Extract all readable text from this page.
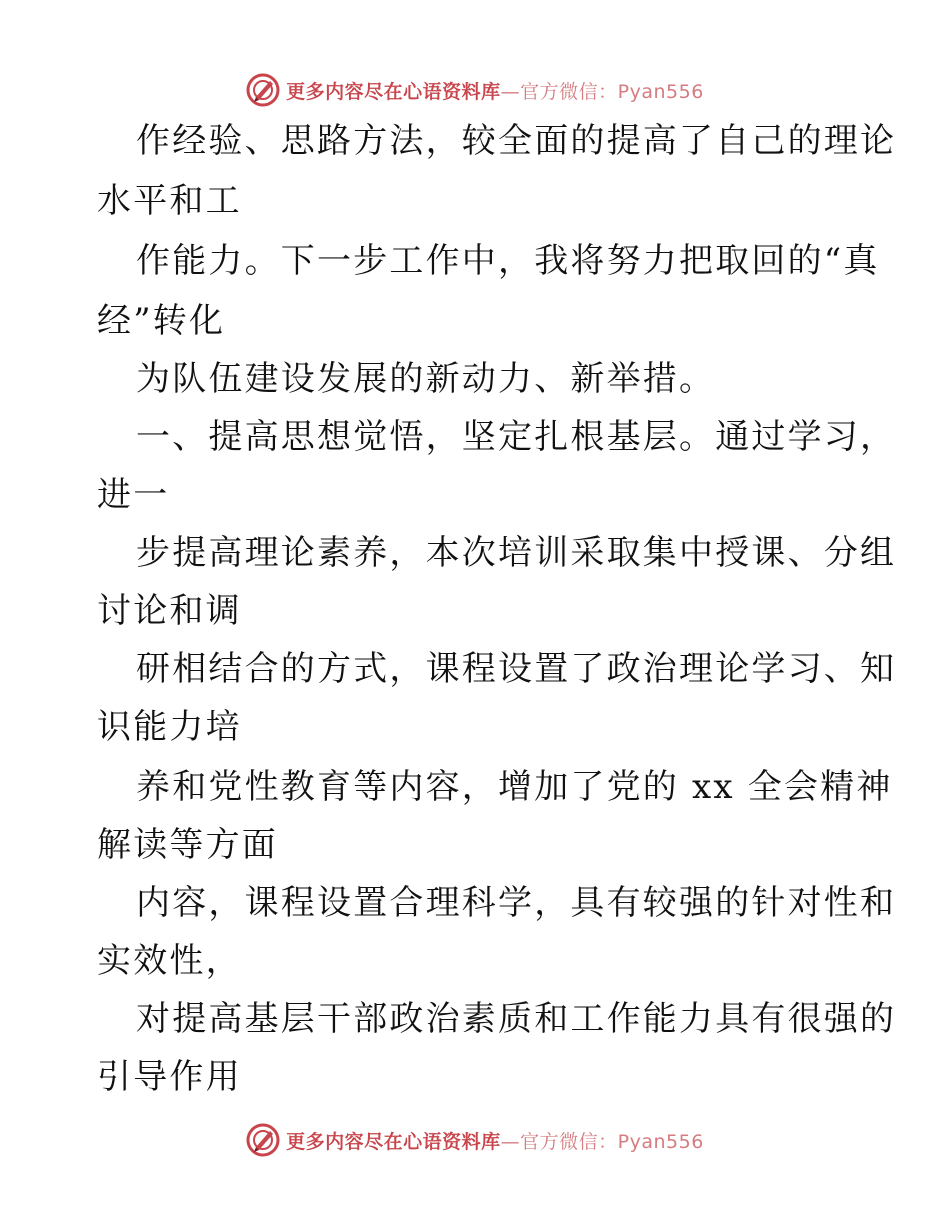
更多内容尽在心语资料库—官方微信：Pyan556
作经验、思路方法，较全面的提高了自己的理论
水平和工
作能力。下一步工作中，我将努力把取回的“真
经”转化
为队伍建设发展的新动力、新举措。
一、提高思想觉悟，坚定扎根基层。通过学习，
进一
步提高理论素养，本次培训采取集中授课、分组
讨论和调
研相结合的方式，课程设置了政治理论学习、知
识能力培
养和党性教育等内容，增加了党的 xx 全会精神
解读等方面
内容，课程设置合理科学，具有较强的针对性和
实效性，
对提高基层干部政治素质和工作能力具有很强的
引导作用
更多内容尽在心语资料库—官方微信：Pyan556
